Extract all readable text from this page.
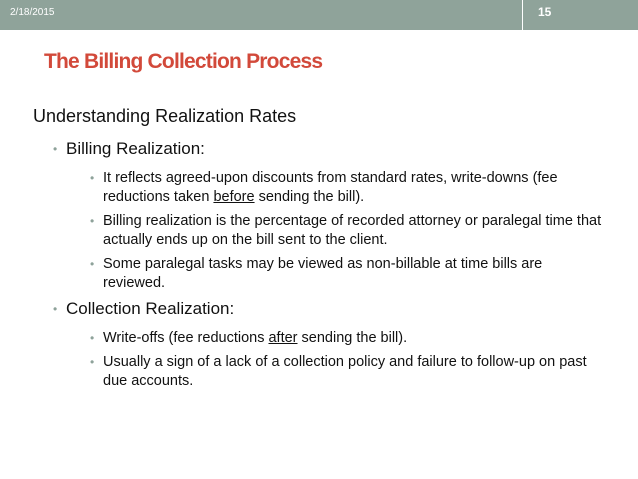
2/18/2015	15
The Billing Collection Process
Understanding Realization Rates
• Billing Realization:
• It reflects agreed-upon discounts from standard rates, write-downs (fee reductions taken before sending the bill).
• Billing realization is the percentage of recorded attorney or paralegal time that actually ends up on the bill sent to the client.
• Some paralegal tasks may be viewed as non-billable at time bills are reviewed.
• Collection Realization:
• Write-offs (fee reductions after sending the bill).
• Usually a sign of a lack of a collection policy and failure to follow-up on past due accounts.
